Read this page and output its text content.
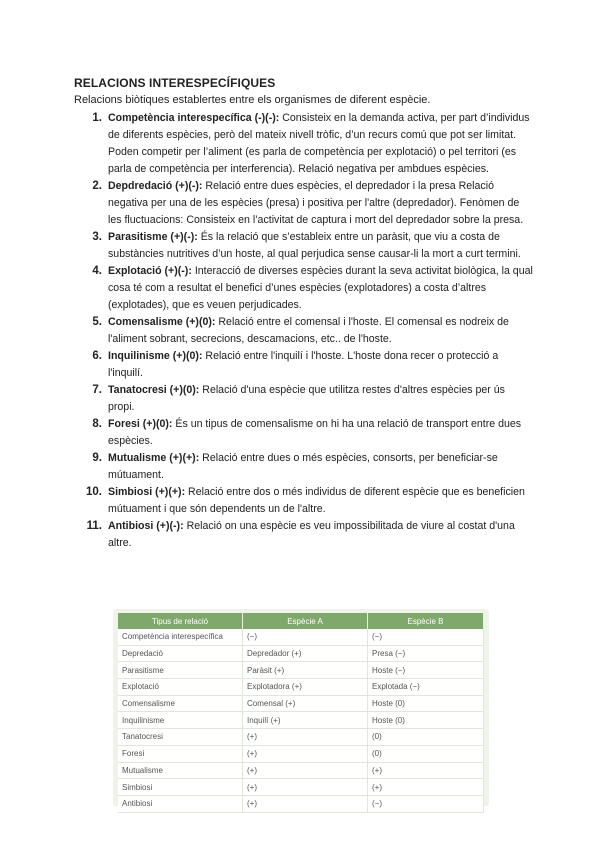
RELACIONS INTERESPECÍFIQUES
Relacions biòtiques establertes entre els organismes de diferent espècie.
1. Competència interespecífica (-)(-): Consisteix en la demanda activa, per part d’individus de diferents espècies, però del mateix nivell tròfic, d’un recurs comú que pot ser limitat. Poden competir per l’aliment (es parla de competència per explotació) o pel territori (es parla de competència per interferencia). Relació negativa per ambdues espècies.
2. Depdredació (+)(-): Relació entre dues espècies, el depredador i la presa Relació negativa per una de les espècies (presa) i positiva per l'altre (depredador). Fenòmen de les fluctuacions: Consisteix en l’activitat de captura i mort del depredador sobre la presa.
3. Parasitisme (+)(-): És la relació que s’estableix entre un paràsit, que viu a costa de substàncies nutritives d’un hoste, al qual perjudica sense causar-li la mort a curt termini.
4. Explotació (+)(-): Interacció de diverses espècies durant la seva activitat biològica, la qual cosa té com a resultat el benefici d’unes espècies (explotadores) a costa d’altres (explotades), que es veuen perjudicades.
5. Comensalisme (+)(0): Relació entre el comensal i l'hoste. El comensal es nodreix de l'aliment sobrant, secrecions, descamacions, etc.. de l'hoste.
6. Inquilinisme (+)(0): Relació entre l'inquilí i l'hoste. L'hoste dona recer o protecció a l'inquilí.
7. Tanatocresi (+)(0): Relació d'una espècie que utilitza restes d'altres espècies per ús propi.
8. Foresi (+)(0): És un tipus de comensalisme on hi ha una relació de transport entre dues espècies.
9. Mutualisme (+)(+): Relació entre dues o més espècies, consorts, per beneficiar-se mútuament.
10. Simbiosi (+)(+): Relació entre dos o més individus de diferent espècie que es beneficien mútuament i que són dependents un de l'altre.
11. Antibiosi (+)(-): Relació on una espècie es veu impossibilitada de viure al costat d'una altre.
Tipus de relació	Espècie A	Espècie B
Competència interespecífica	(−)	(−)
Depredació	Depredador (+)	Presa (−)
Parasitisme	Paràsit (+)	Hoste (−)
Explotació	Explotadora (+)	Explotada (−)
Comensalisme	Comensal (+)	Hoste (0)
Inquilinisme	Inquilí (+)	Hoste (0)
Tanatocresi	(+)	(0)
Foresi	(+)	(0)
Mutualisme	(+)	(+)
Simbiosi	(+)	(+)
Antibiosi	(+)	(−)
